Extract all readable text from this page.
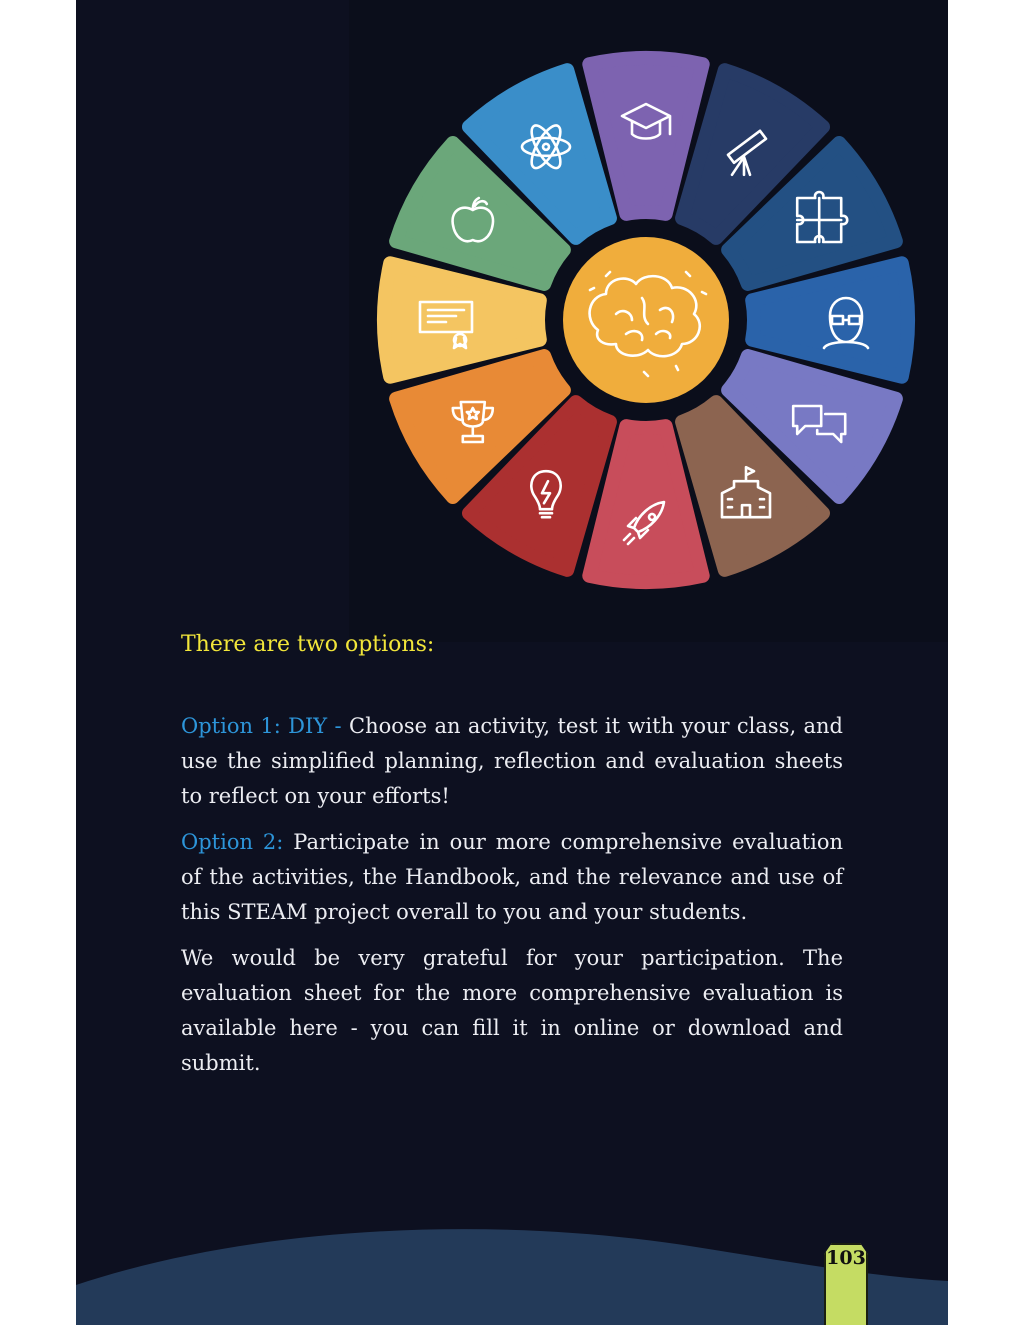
There are two options:
Option 1: DIY - Choose an activity, test it with your class, and use the simplified planning, reflection and evaluation sheets to reflect on your efforts!
Option 2: Participate in our more comprehensive evaluation of the activities, the Handbook, and the relevance and use of this STEAM project overall to you and your students.
We would be very grateful for your participation. The evaluation sheet for the more comprehensive evaluation is available here - you can fill it in online or download and submit.
103
